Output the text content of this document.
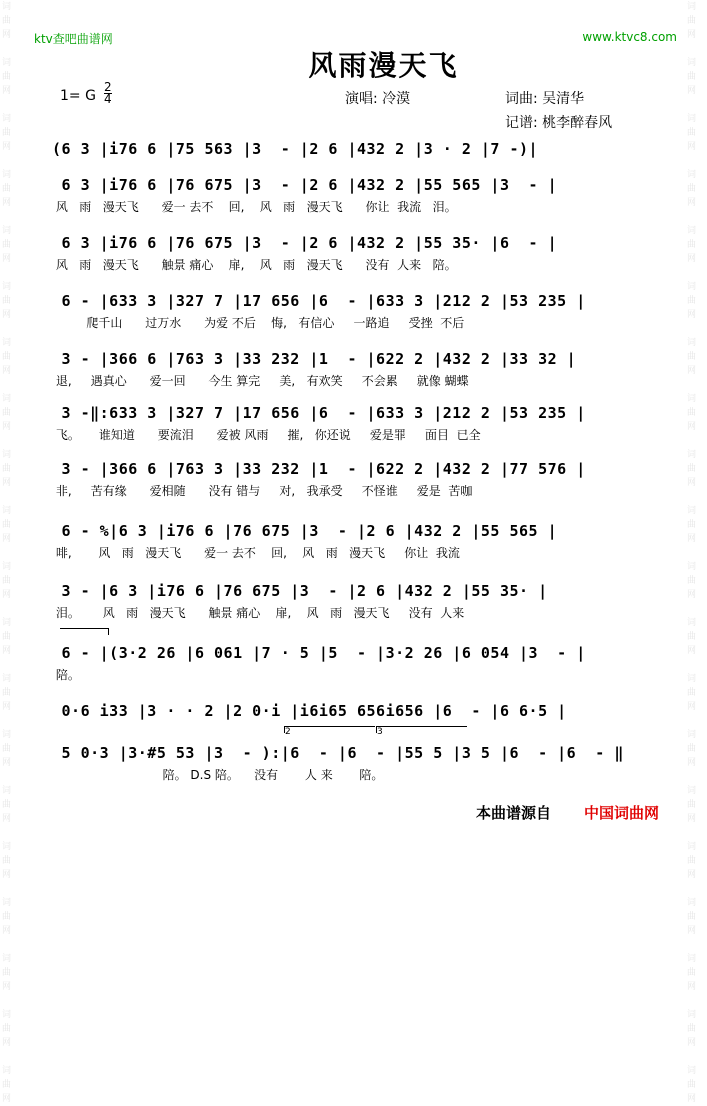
词
曲
网

词
曲
网

词
曲
网

词
曲
网

词
曲
网

词
曲
网

词
曲
网

词
曲
网

词
曲
网

词
曲
网

词
曲
网

词
曲
网

词
曲
网

词
曲
网

词
曲
网

词
曲
网

词
曲
网

词
曲
网

词
曲
网

词
曲
网

词
曲
网

词
曲
网

词
曲
网

词
曲
网

词
曲
网

词
曲
网

词
曲
网

词
曲
网

词
曲
网

词
曲
网

词
曲
网

词
曲
网

词
曲
网

词
曲
网

词
曲
网

词
曲
网

词
曲
网

词
曲
网

词
曲
网

词
曲
网

ktv查吧曲谱网	www.ktvc8.com
风雨漫天飞
1= G
2
4	演唱: 冷漠	词曲: 吴清华
记谱: 桃李醉春风
(6 3 |i76 6 |75 563 |3  - |2 6 |432 2 |3 · 2 |7 -)|
6 3 |i76 6 |76 675 |3  - |2 6 |432 2 |55 565 |3  - |
风   雨   漫天飞      爱一 去不    回,    风   雨   漫天飞      你让  我流   泪。
6 3 |i76 6 |76 675 |3  - |2 6 |432 2 |55 35· |6  - |
风   雨   漫天飞      触景 痛心    扉,    风   雨   漫天飞      没有  人来   陪。
6 - |633 3 |327 7 |17 656 |6  - |633 3 |212 2 |53 235 |
爬千山      过万水      为爱 不后    悔,   有信心     一路追     受挫  不后
3 - |366 6 |763 3 |33 232 |1  - |622 2 |432 2 |33 32 |
退,     遇真心      爱一回      今生 算完     美,   有欢笑     不会累     就像 蝴蝶
3 -‖:633 3 |327 7 |17 656 |6  - |633 3 |212 2 |53 235 |
飞。     谁知道      要流泪      爱被 风雨     摧,   你还说     爱是罪     面目  已全
3 - |366 6 |763 3 |33 232 |1  - |622 2 |432 2 |77 576 |
非,     苦有缘      爱相随      没有 错与     对,   我承受     不怪谁     爱是  苦咖
6 - %|6 3 |i76 6 |76 675 |3  - |2 6 |432 2 |55 565 |
啡,       风   雨   漫天飞      爱一 去不    回,    风   雨   漫天飞     你让  我流
3 - |6 3 |i76 6 |76 675 |3  - |2 6 |432 2 |55 35· |
泪。      风   雨   漫天飞      触景 痛心    扉,    风   雨   漫天飞     没有  人来
6 - |(3·2 26 |6 061 |7 · 5 |5  - |3·2 26 |6 054 |3  - |
陪。
0·6 i33 |3 · · 2 |2 0·i |i6i65 656i656 |6  - |6 6·5 |
5 0·3 |3·#5 53 |3  - ):|6  - |6  - |55 5 |3 5 |6  - |6  - ‖
陪。 D.S 陪。    没有       人 来       陪。
2	3
本曲谱源自 中国词曲网
